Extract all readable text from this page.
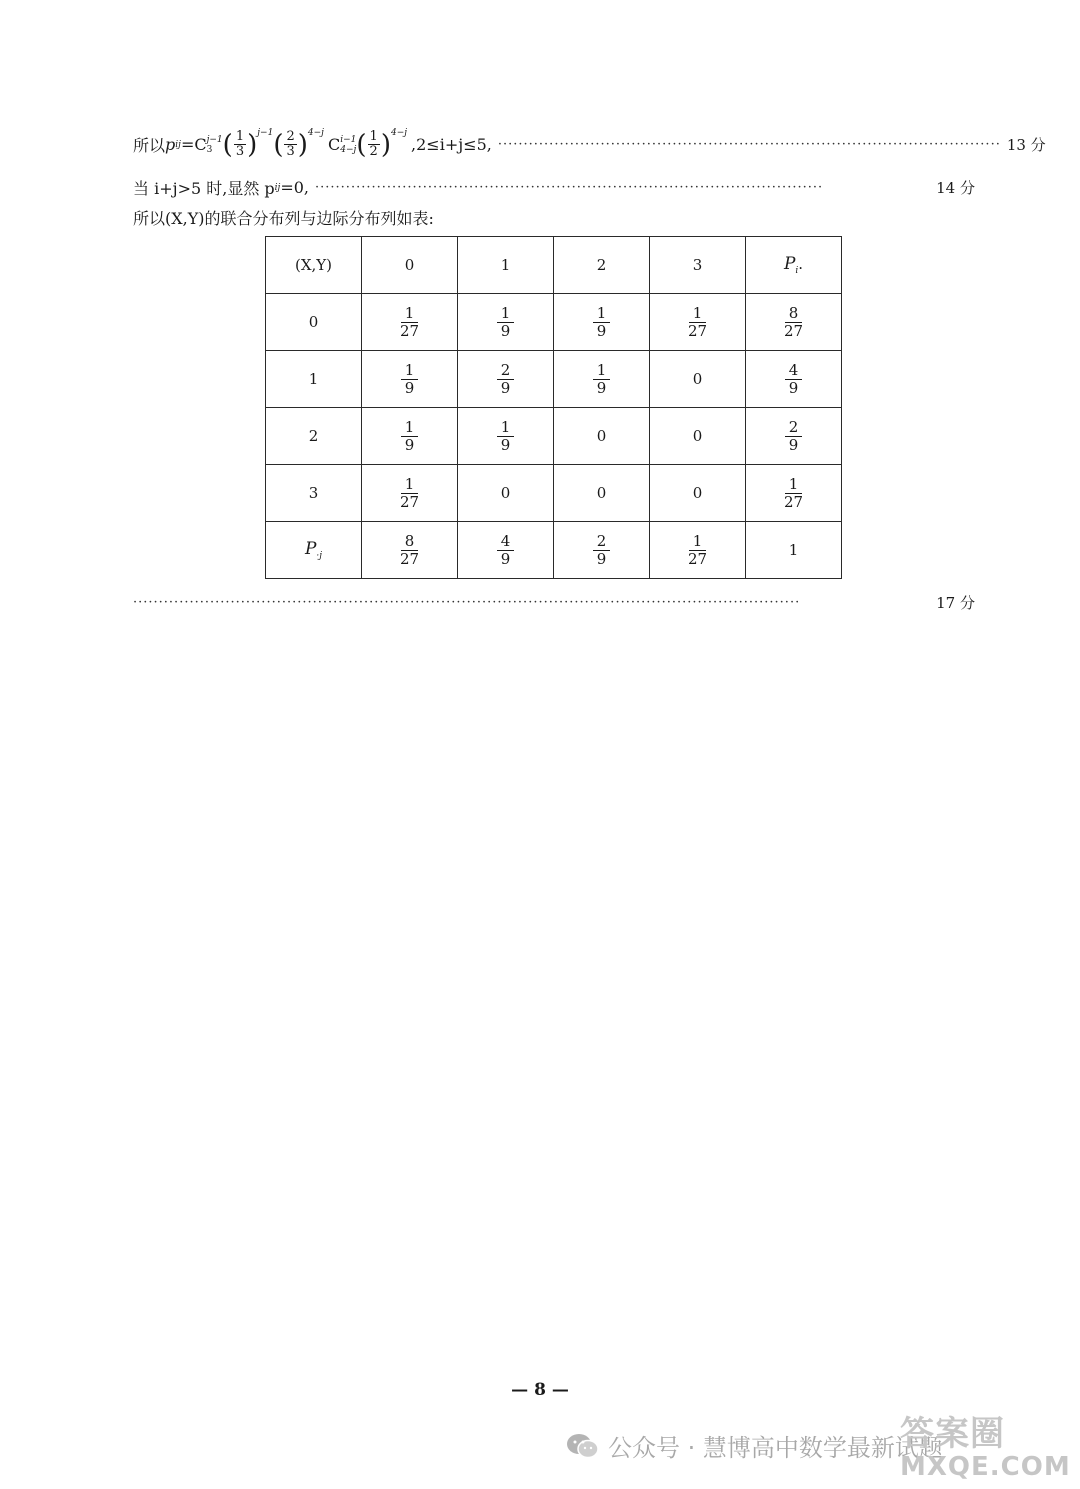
所以 p ij =C j−1
3 ( $\frac{1}{3}$ ) $^{j-1}$ ( $\frac{2}{3}$ ) $^{4-j}$
C i−1
4−j ( $\frac{1}{2}$ ) $^{4-j}$
,2≤i+j≤5, ·································································································· 13 分
当 i+j>5 时,显然 p ij =0, ···································································································	14 分
所以(X,Y)的联合分布列与边际分布列如表:
(X,Y)	0	1	2	3	$P_i$.
0	$\frac{1}{27}$	$\frac{1}{9}$	$\frac{1}{9}$	$\frac{1}{27}$	$\frac{8}{27}$

1	$\frac{1}{9}$	$\frac{2}{9}$	$\frac{1}{9}$	0	$\frac{4}{9}$

2	$\frac{1}{9}$	$\frac{1}{9}$	0	0	$\frac{2}{9}$

3	$\frac{1}{27}$	0	0	0	$\frac{1}{27}$

$P_{\cdot j}$	$\frac{8}{27}$	$\frac{4}{9}$	$\frac{2}{9}$	$\frac{1}{27}$	1
··································································································································	17 分
— 8 —
公众号 · 慧博高中数学最新试题
答案圈
MXQE.COM
